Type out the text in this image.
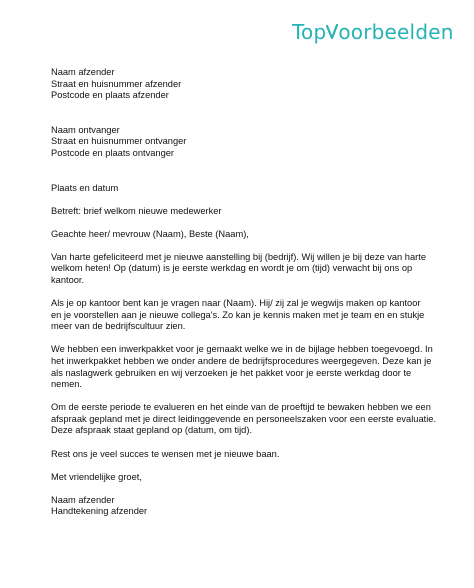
Top oorbeelden
Naam afzender
Straat en huisnummer afzender
Postcode en plaats afzender
Naam ontvanger
Straat en huisnummer ontvanger
Postcode en plaats ontvanger
Plaats en datum
Betreft: brief welkom nieuwe medewerker
Geachte heer/ mevrouw (Naam), Beste (Naam),
Van harte gefeliciteerd met je nieuwe aanstelling bij (bedrijf). Wij willen je bij deze van harte
welkom heten! Op (datum) is je eerste werkdag en wordt je om (tijd) verwacht bij ons op
kantoor.
Als je op kantoor bent kan je vragen naar (Naam). Hij/ zij zal je wegwijs maken op kantoor
en je voorstellen aan je nieuwe collega's. Zo kan je kennis maken met je team en en stukje
meer van de bedrijfscultuur zien.
We hebben een inwerkpakket voor je gemaakt welke we in de bijlage hebben toegevoegd. In
het inwerkpakket hebben we onder andere de bedrijfsprocedures weergegeven. Deze kan je
als naslagwerk gebruiken en wij verzoeken je het pakket voor je eerste werkdag door te
nemen.
Om de eerste periode te evalueren en het einde van de proeftijd te bewaken hebben we een
afspraak gepland met je direct leidinggevende en personeelszaken voor een eerste evaluatie.
Deze afspraak staat gepland op (datum, om tijd).
Rest ons je veel succes te wensen met je nieuwe baan.
Met vriendelijke groet,
Naam afzender
Handtekening afzender
